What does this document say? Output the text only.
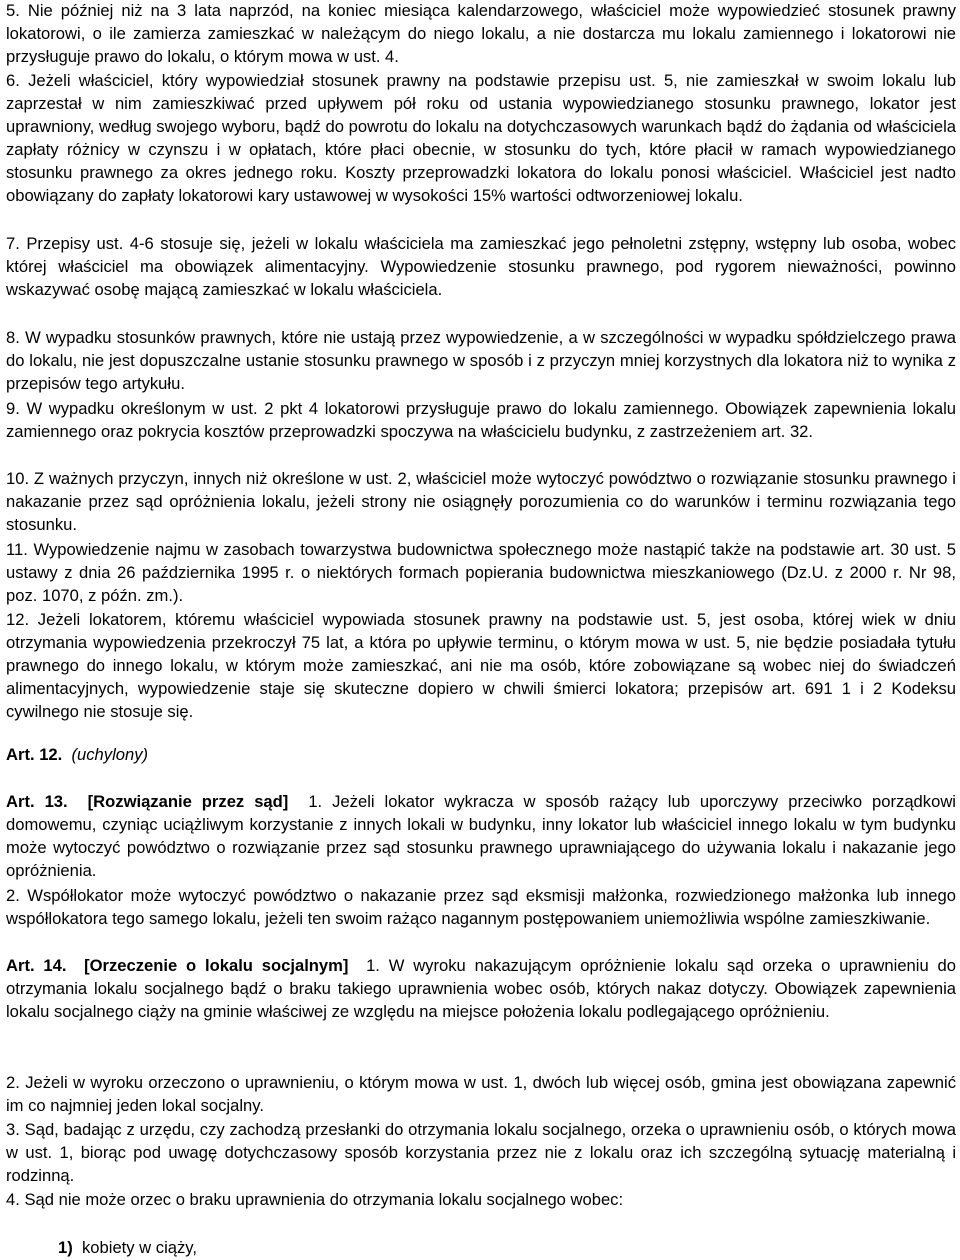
5. Nie później niż na 3 lata naprzód, na koniec miesiąca kalendarzowego, właściciel może wypowiedzieć stosunek prawny lokatorowi, o ile zamierza zamieszkać w należącym do niego lokalu, a nie dostarcza mu lokalu zamiennego i lokatorowi nie przysługuje prawo do lokalu, o którym mowa w ust. 4.

6. Jeżeli właściciel, który wypowiedział stosunek prawny na podstawie przepisu ust. 5, nie zamieszkał w swoim lokalu lub zaprzestał w nim zamieszkiwać przed upływem pół roku od ustania wypowiedzianego stosunku prawnego, lokator jest uprawniony, według swojego wyboru, bądź do powrotu do lokalu na dotychczasowych warunkach bądź do żądania od właściciela zapłaty różnicy w czynszu i w opłatach, które płaci obecnie, w stosunku do tych, które płacił w ramach wypowiedzianego stosunku prawnego za okres jednego roku. Koszty przeprowadzki lokatora do lokalu ponosi właściciel. Właściciel jest nadto obowiązany do zapłaty lokatorowi kary ustawowej w wysokości 15% wartości odtworzeniowej lokalu.

7. Przepisy ust. 4-6 stosuje się, jeżeli w lokalu właściciela ma zamieszkać jego pełnoletni zstępny, wstępny lub osoba, wobec której właściciel ma obowiązek alimentacyjny. Wypowiedzenie stosunku prawnego, pod rygorem nieważności, powinno wskazywać osobę mającą zamieszkać w lokalu właściciela.

8. W wypadku stosunków prawnych, które nie ustają przez wypowiedzenie, a w szczególności w wypadku spółdzielczego prawa do lokalu, nie jest dopuszczalne ustanie stosunku prawnego w sposób i z przyczyn mniej korzystnych dla lokatora niż to wynika z przepisów tego artykułu.

9. W wypadku określonym w ust. 2 pkt 4 lokatorowi przysługuje prawo do lokalu zamiennego. Obowiązek zapewnienia lokalu zamiennego oraz pokrycia kosztów przeprowadzki spoczywa na właścicielu budynku, z zastrzeżeniem art. 32.

10. Z ważnych przyczyn, innych niż określone w ust. 2, właściciel może wytoczyć powództwo o rozwiązanie stosunku prawnego i nakazanie przez sąd opróżnienia lokalu, jeżeli strony nie osiągnęły porozumienia co do warunków i terminu rozwiązania tego stosunku.

11. Wypowiedzenie najmu w zasobach towarzystwa budownictwa społecznego może nastąpić także na podstawie art. 30 ust. 5 ustawy z dnia 26 października 1995 r. o niektórych formach popierania budownictwa mieszkaniowego (Dz.U. z 2000 r. Nr 98, poz. 1070, z późn. zm.).

12. Jeżeli lokatorem, któremu właściciel wypowiada stosunek prawny na podstawie ust. 5, jest osoba, której wiek w dniu otrzymania wypowiedzenia przekroczył 75 lat, a która po upływie terminu, o którym mowa w ust. 5, nie będzie posiadała tytułu prawnego do innego lokalu, w którym może zamieszkać, ani nie ma osób, które zobowiązane są wobec niej do świadczeń alimentacyjnych, wypowiedzenie staje się skuteczne dopiero w chwili śmierci lokatora; przepisów art. 691 1 i 2 Kodeksu cywilnego nie stosuje się.

Art. 12. (uchylony)

Art. 13. [Rozwiązanie przez sąd] 1. Jeżeli lokator wykracza w sposób rażący lub uporczywy przeciwko porządkowi domowemu, czyniąc uciążliwym korzystanie z innych lokali w budynku, inny lokator lub właściciel innego lokalu w tym budynku może wytoczyć powództwo o rozwiązanie przez sąd stosunku prawnego uprawniającego do używania lokalu i nakazanie jego opróżnienia.

2. Współlokator może wytoczyć powództwo o nakazanie przez sąd eksmisji małżonka, rozwiedzionego małżonka lub innego współlokatora tego samego lokalu, jeżeli ten swoim rażąco nagannym postępowaniem uniemożliwia wspólne zamieszkiwanie.

Art. 14. [Orzeczenie o lokalu socjalnym] 1. W wyroku nakazującym opróżnienie lokalu sąd orzeka o uprawnieniu do otrzymania lokalu socjalnego bądź o braku takiego uprawnienia wobec osób, których nakaz dotyczy. Obowiązek zapewnienia lokalu socjalnego ciąży na gminie właściwej ze względu na miejsce położenia lokalu podlegającego opróżnieniu.

2. Jeżeli w wyroku orzeczono o uprawnieniu, o którym mowa w ust. 1, dwóch lub więcej osób, gmina jest obowiązana zapewnić im co najmniej jeden lokal socjalny.

3. Sąd, badając z urzędu, czy zachodzą przesłanki do otrzymania lokalu socjalnego, orzeka o uprawnieniu osób, o których mowa w ust. 1, biorąc pod uwagę dotychczasowy sposób korzystania przez nie z lokalu oraz ich szczególną sytuację materialną i rodzinną.

4. Sąd nie może orzec o braku uprawnienia do otrzymania lokalu socjalnego wobec:

1) kobiety w ciąży,
